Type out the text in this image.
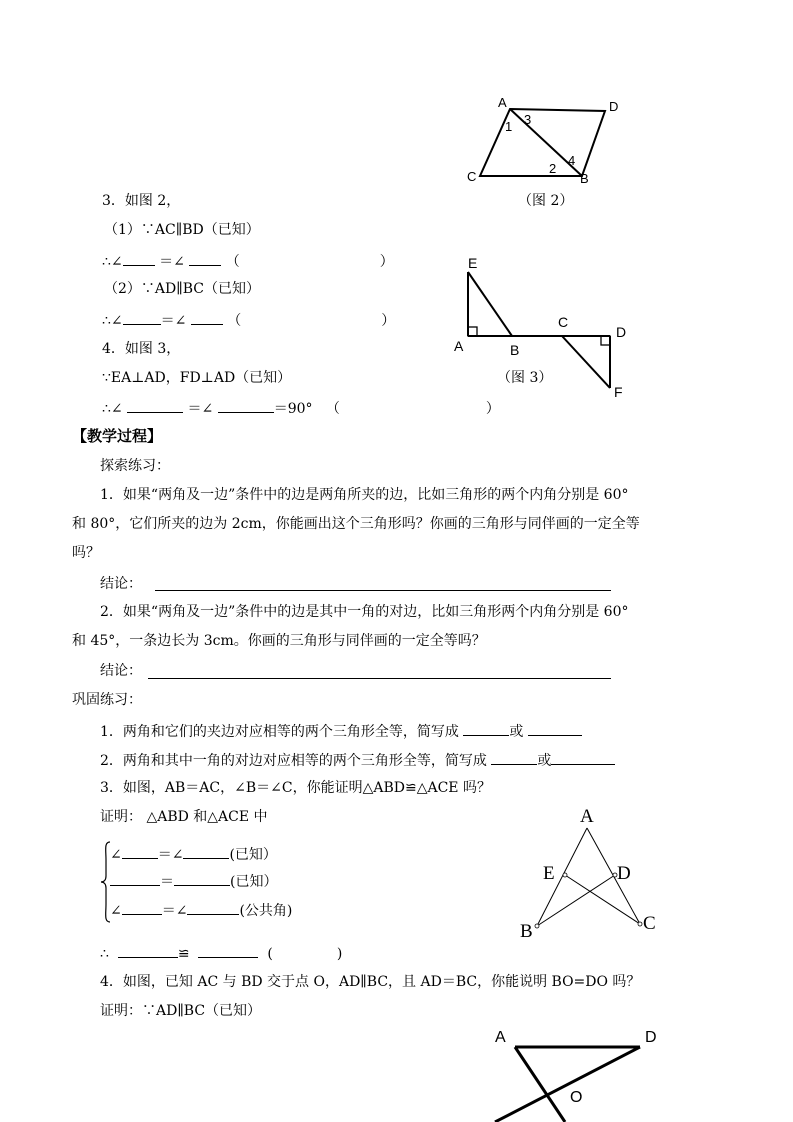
A	D
C	B
1 3
2
4
（图 2）
3．如图 2，
（1）∵AC∥BD（已知）
∴∠	＝∠	（	）
（2）∵AD∥BC（已知）
∴∠	＝∠	（	）
E
A	B
C
D
F
（图 3）
4．如图 3，
∵EA⊥AD，FD⊥AD（已知）
∴∠	＝∠	＝90° （	）
【教学过程】
探索练习：
1．如果“两角及一边”条件中的边是两角所夹的边，比如三角形的两个内角分别是 60°
和 80°，它们所夹的边为 2cm，你能画出这个三角形吗？你画的三角形与同伴画的一定全等
吗？
结论：
2．如果“两角及一边”条件中的边是其中一角的对边，比如三角形两个内角分别是 60°
和 45°，一条边长为 3cm。你画的三角形与同伴画的一定全等吗？
结论：
巩固练习：
1．两角和它们的夹边对应相等的两个三角形全等，简写成	或
2．两角和其中一角的对边对应相等的两个三角形全等，简写成	或
3．如图，AB＝AC，∠B＝∠C，你能证明△ABD≌△ACE 吗？
证明： △ABD 和△ACE 中
∠	＝∠	(已知）
＝	(已知）
∠	＝∠	(公共角)
∴	≌	(	)
A
E	D
B	C
4．如图，已知 AC 与 BD 交于点 O，AD∥BC，且 AD＝BC，你能说明 BO=DO 吗？
证明：∵AD∥BC（已知）
A	D
O
